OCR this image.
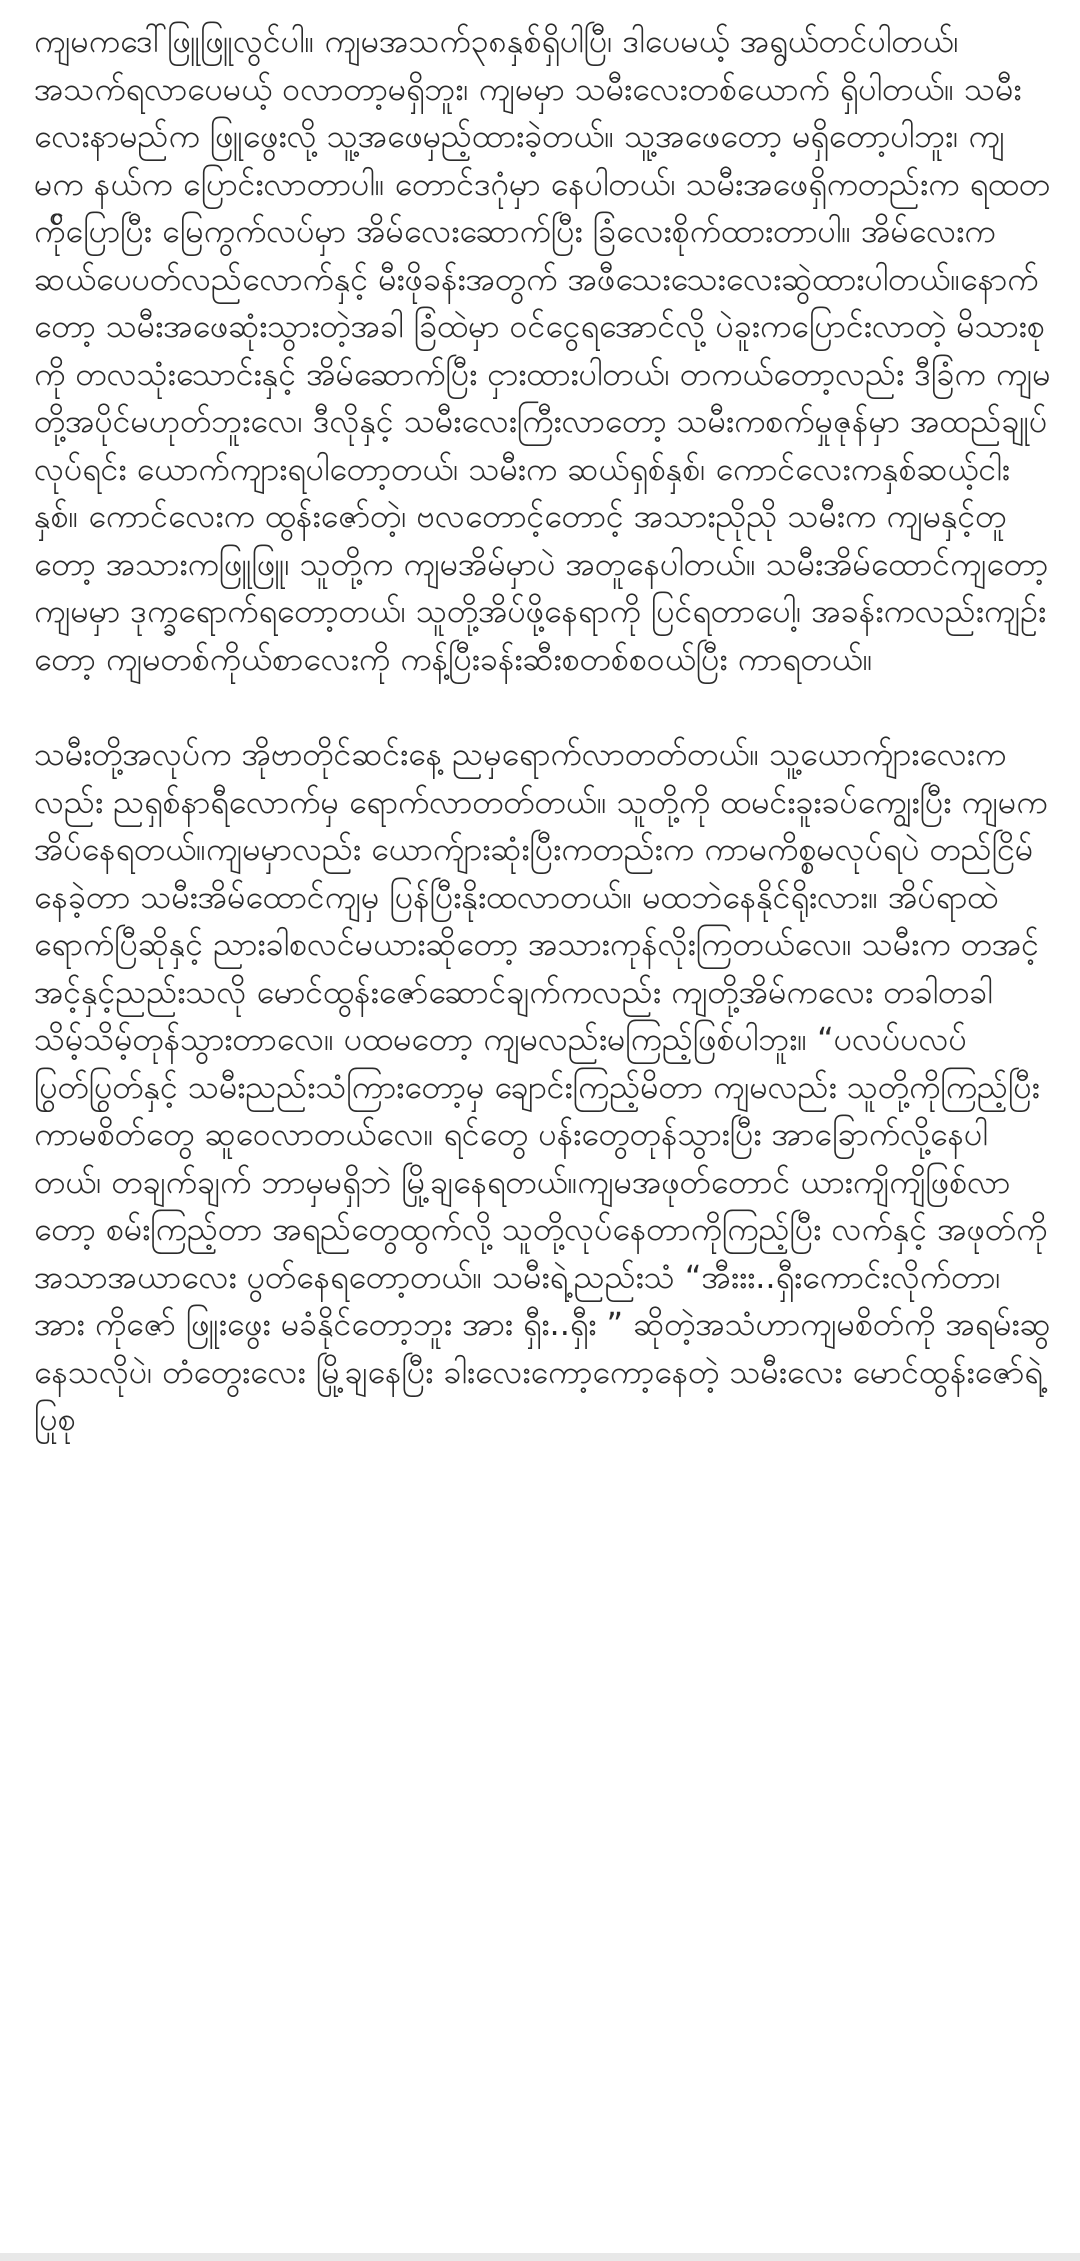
ကျမကဒေါ်ဖြူဖြူလွင်ပါ။ ကျမအသက်၃၈နှစ်ရှိပါပြီ၊ ဒါပေမယ့် အရွယ်တင်ပါတယ်၊ အသက်ရလာပေမယ့် ဝလာတာ့မရှိဘူး၊ ကျမမှာ သမီးလေးတစ်ယောက် ရှိပါတယ်။ သမီးလေးနာမည်က ဖြူဖွေးလို့ သူ့အဖေမှည့်ထားခဲ့တယ်။ သူ့အဖေတော့ မရှိတော့ပါဘူး၊ ကျမက နယ်က ပြောင်းလာတာပါ။ တောင်ဒဂုံမှာ နေပါတယ်၊ သမီးအဖေရှိကတည်းက ရထတက်ိုပြောပြီး မြေကွက်လပ်မှာ အိမ်လေးဆောက်ပြီး ခြံလေးစိုက်ထားတာပါ။ အိမ်လေးက ဆယ်ပေပတ်လည်လောက်နှင့် မီးဖိုခန်းအတွက် အဖီသေးသေးလေးဆွဲထားပါတယ်။နောက်တော့ သမီးအဖေဆုံးသွားတဲ့အခါ ခြံထဲမှာ ဝင်ငွေရအောင်လို့ ပဲခူးကပြောင်းလာတဲ့ မိသားစုကို တလသုံးသောင်းနှင့် အိမ်ဆောက်ပြီး ငှားထားပါတယ်၊ တကယ်တော့လည်း ဒီခြံက ကျမတို့အပိုင်မဟုတ်ဘူးလေ၊ ဒီလိုနှင့် သမီးလေးကြီးလာတော့ သမီးကစက်မှုဇုန်မှာ အထည်ချုပ်လုပ်ရင်း ယောက်ကျားရပါတော့တယ်၊ သမီးက ဆယ်ရှစ်နှစ်၊ ကောင်လေးကနှစ်ဆယ့်ငါးနှစ်။ ကောင်လေးက ထွန်းဇော်တဲ့၊ ဗလတောင့်တောင့် အသားညိုညို သမီးက ကျမနှင့်တူတော့ အသားကဖြူဖြူ၊ သူတို့က ကျမအိမ်မှာပဲ အတူနေပါတယ်။ သမီးအိမ်ထောင်ကျတော့ ကျမမှာ ဒုက္ခရောက်ရတော့တယ်၊ သူတို့အိပ်ဖို့နေရာကို ပြင်ရတာပေါ့၊ အခန်းကလည်းကျဉ်းတော့ ကျမတစ်ကိုယ်စာလေးကို ကန့်ပြီးခန်းဆီးစတစ်စဝယ်ပြီး ကာရတယ်။

သမီးတို့အလုပ်က အိုဗာတိုင်ဆင်းနေ့ ညမှရောက်လာတတ်တယ်။ သူ့ယောက်ျားလေးကလည်း ညရှစ်နာရီလောက်မှ ရောက်လာတတ်တယ်။ သူတို့ကို ထမင်းခူးခပ်ကျွေးပြီး ကျမကအိပ်နေရတယ်။ကျမမှာလည်း ယောက်ျားဆုံးပြီးကတည်းက ကာမကိစ္စမလုပ်ရပဲ တည်ငြိမ်နေခဲ့တာ သမီးအိမ်ထောင်ကျမှ ပြန်ပြီးနိုးထလာတယ်။ မထဘဲနေနိုင်ရိုးလား။ အိပ်ရာထဲရောက်ပြီဆိုနှင့် ညားခါစလင်မယားဆိုတော့ အသားကုန်လိုးကြတယ်လေ။ သမီးက တအင့်အင့်နှင့်ညည်းသလို မောင်ထွန်းဇော်ဆောင်ချက်ကလည်း ကျတို့အိမ်ကလေး တခါတခါသိမ့်သိမ့်တုန်သွားတာလေ။ ပထမတော့ ကျမလည်းမကြည့်ဖြစ်ပါဘူး။ “ပလပ်ပလပ် ပြွတ်ပြွတ်နှင့် သမီးညည်းသံကြားတော့မှ ချောင်းကြည့်မိတာ ကျမလည်း သူတို့ကိုကြည့်ပြီး ကာမစိတ်တွေ ဆူဝေလာတယ်လေ။ ရင်တွေ ပန်းတွေတုန်သွားပြီး အာခြောက်လို့နေပါတယ်၊ တချက်ချက် ဘာမှမရှိဘဲ မြို့ချနေရတယ်။ကျမအဖုတ်တောင် ယားကျိကျိဖြစ်လာတော့ စမ်းကြည့်တာ အရည်တွေထွက်လို့ သူတို့လုပ်နေတာကိုကြည့်ပြီး လက်နှင့် အဖုတ်ကို အသာအယာလေး ပွတ်နေရတော့တယ်။ သမီးရဲ့ညည်းသံ “အီးးး..ရှီးကောင်းလိုက်တာ၊ အား ကိုဇော် ဖြူးဖွေး မခံနိုင်တော့ဘူး အား ရှီး..ရှီး ” ဆိုတဲ့အသံဟာကျမစိတ်ကို အရမ်းဆွနေသလိုပဲ၊ တံတွေးလေး မြို့ချနေပြီး ခါးလေးကော့ကော့နေတဲ့ သမီးလေး မောင်ထွန်းဇော်ရဲ့ပြုစု
